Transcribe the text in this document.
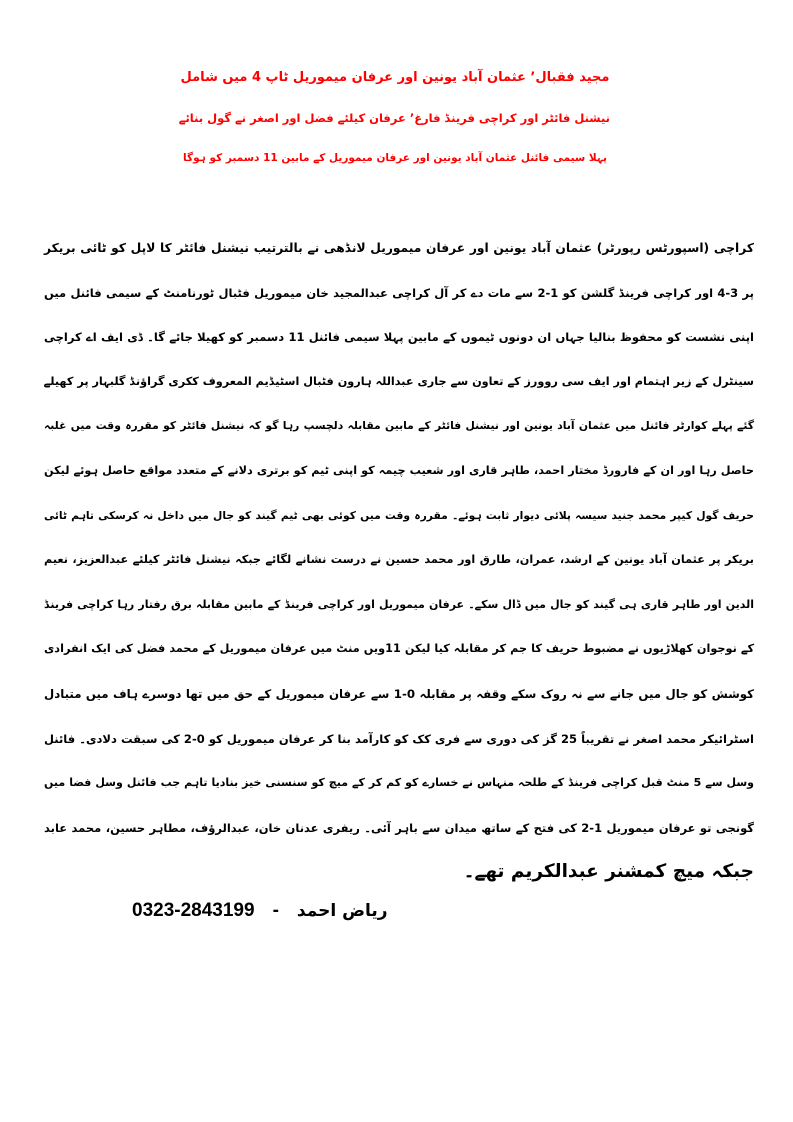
مجید فقبال٬ عثمان آباد یونین اور عرفان میموریل ٹاپ 4 میں شامل
نیشنل فائٹر اور کراچی فرینڈ فارغ٬ عرفان کیلئے فضل اور اصغر نے گول بنائے
پہلا سیمی فائنل عثمان آباد یونین اور عرفان میموریل کے مابین 11 دسمبر کو ہوگا
کراچی (اسپورٹس رپورٹر) عثمان آباد یونین اور عرفان میموریل لانڈھی نے بالترتیب نیشنل فائٹر کا لاپل کو ٹائی بریکر
پر 3-4 اور کراچی فرینڈ گلشن کو 1-2 سے مات دے کر آل کراچی عبدالمجید خان میموریل فٹبال ٹورنامنٹ کے سیمی فائنل میں
اپنی نشست کو محفوظ بنالیا جہاں ان دونوں ٹیموں کے مابین پہلا سیمی فائنل 11 دسمبر کو کھیلا جائے گا۔ ڈی ایف اے کراچی
سینٹرل کے زیر اہتمام اور ایف سی روورز کے تعاون سے جاری عبداللہ ہارون فٹبال اسٹیڈیم المعروف ککری گراؤنڈ گلبہار پر کھیلے
گئے پہلے کوارٹر فائنل میں عثمان آباد یونین اور نیشنل فائٹر کے مابین مقابلہ دلچسپ رہا گو کہ نیشنل فائٹر کو مقررہ وقت میں غلبہ
حاصل رہا اور ان کے فارورڈ مختار احمد، طاہر قاری اور شعیب چیمہ کو اپنی ٹیم کو برتری دلانے کے متعدد مواقع حاصل ہوئے لیکن
حریف گول کیپر محمد جنید سیسہ پلائی دیوار ثابت ہوئے۔ مقررہ وقت میں کوئی بھی ٹیم گیند کو جال میں داخل نہ کرسکی تاہم ٹائی
بریکر پر عثمان آباد یونین کے ارشد، عمران، طارق اور محمد حسین نے درست نشانے لگائے جبکہ نیشنل فائٹر کیلئے عبدالعزیز، نعیم
الدین اور طاہر قاری ہی گیند کو جال میں ڈال سکے۔ عرفان میموریل اور کراچی فرینڈ کے مابین مقابلہ برق رفتار رہا کراچی فرینڈ
کے نوجوان کھلاڑیوں نے مضبوط حریف کا جم کر مقابلہ کیا لیکن 11ویں منٹ میں عرفان میموریل کے محمد فضل کی ایک انفرادی
کوشش کو جال میں جانے سے نہ روک سکے وقفہ پر مقابلہ 0-1 سے عرفان میموریل کے حق میں تھا دوسرے ہاف میں متبادل
اسٹرائیکر محمد اصغر نے تقریباً 25 گز کی دوری سے فری کک کو کارآمد بنا کر عرفان میموریل کو 0-2 کی سبقت دلادی۔ فائنل
وسل سے 5 منٹ قبل کراچی فرینڈ کے طلحہ منہاس نے خسارے کو کم کر کے میچ کو سنسنی خیز بنادیا تاہم جب فائنل وسل فضا میں
گونجی تو عرفان میموریل 1-2 کی فتح کے ساتھ میدان سے باہر آئی۔ ریفری عدنان خان، عبدالرؤف، مطاہر حسین، محمد عابد
جبکہ میچ کمشنر عبدالکریم تھے۔
0323-2843199 - ریاض احمد
